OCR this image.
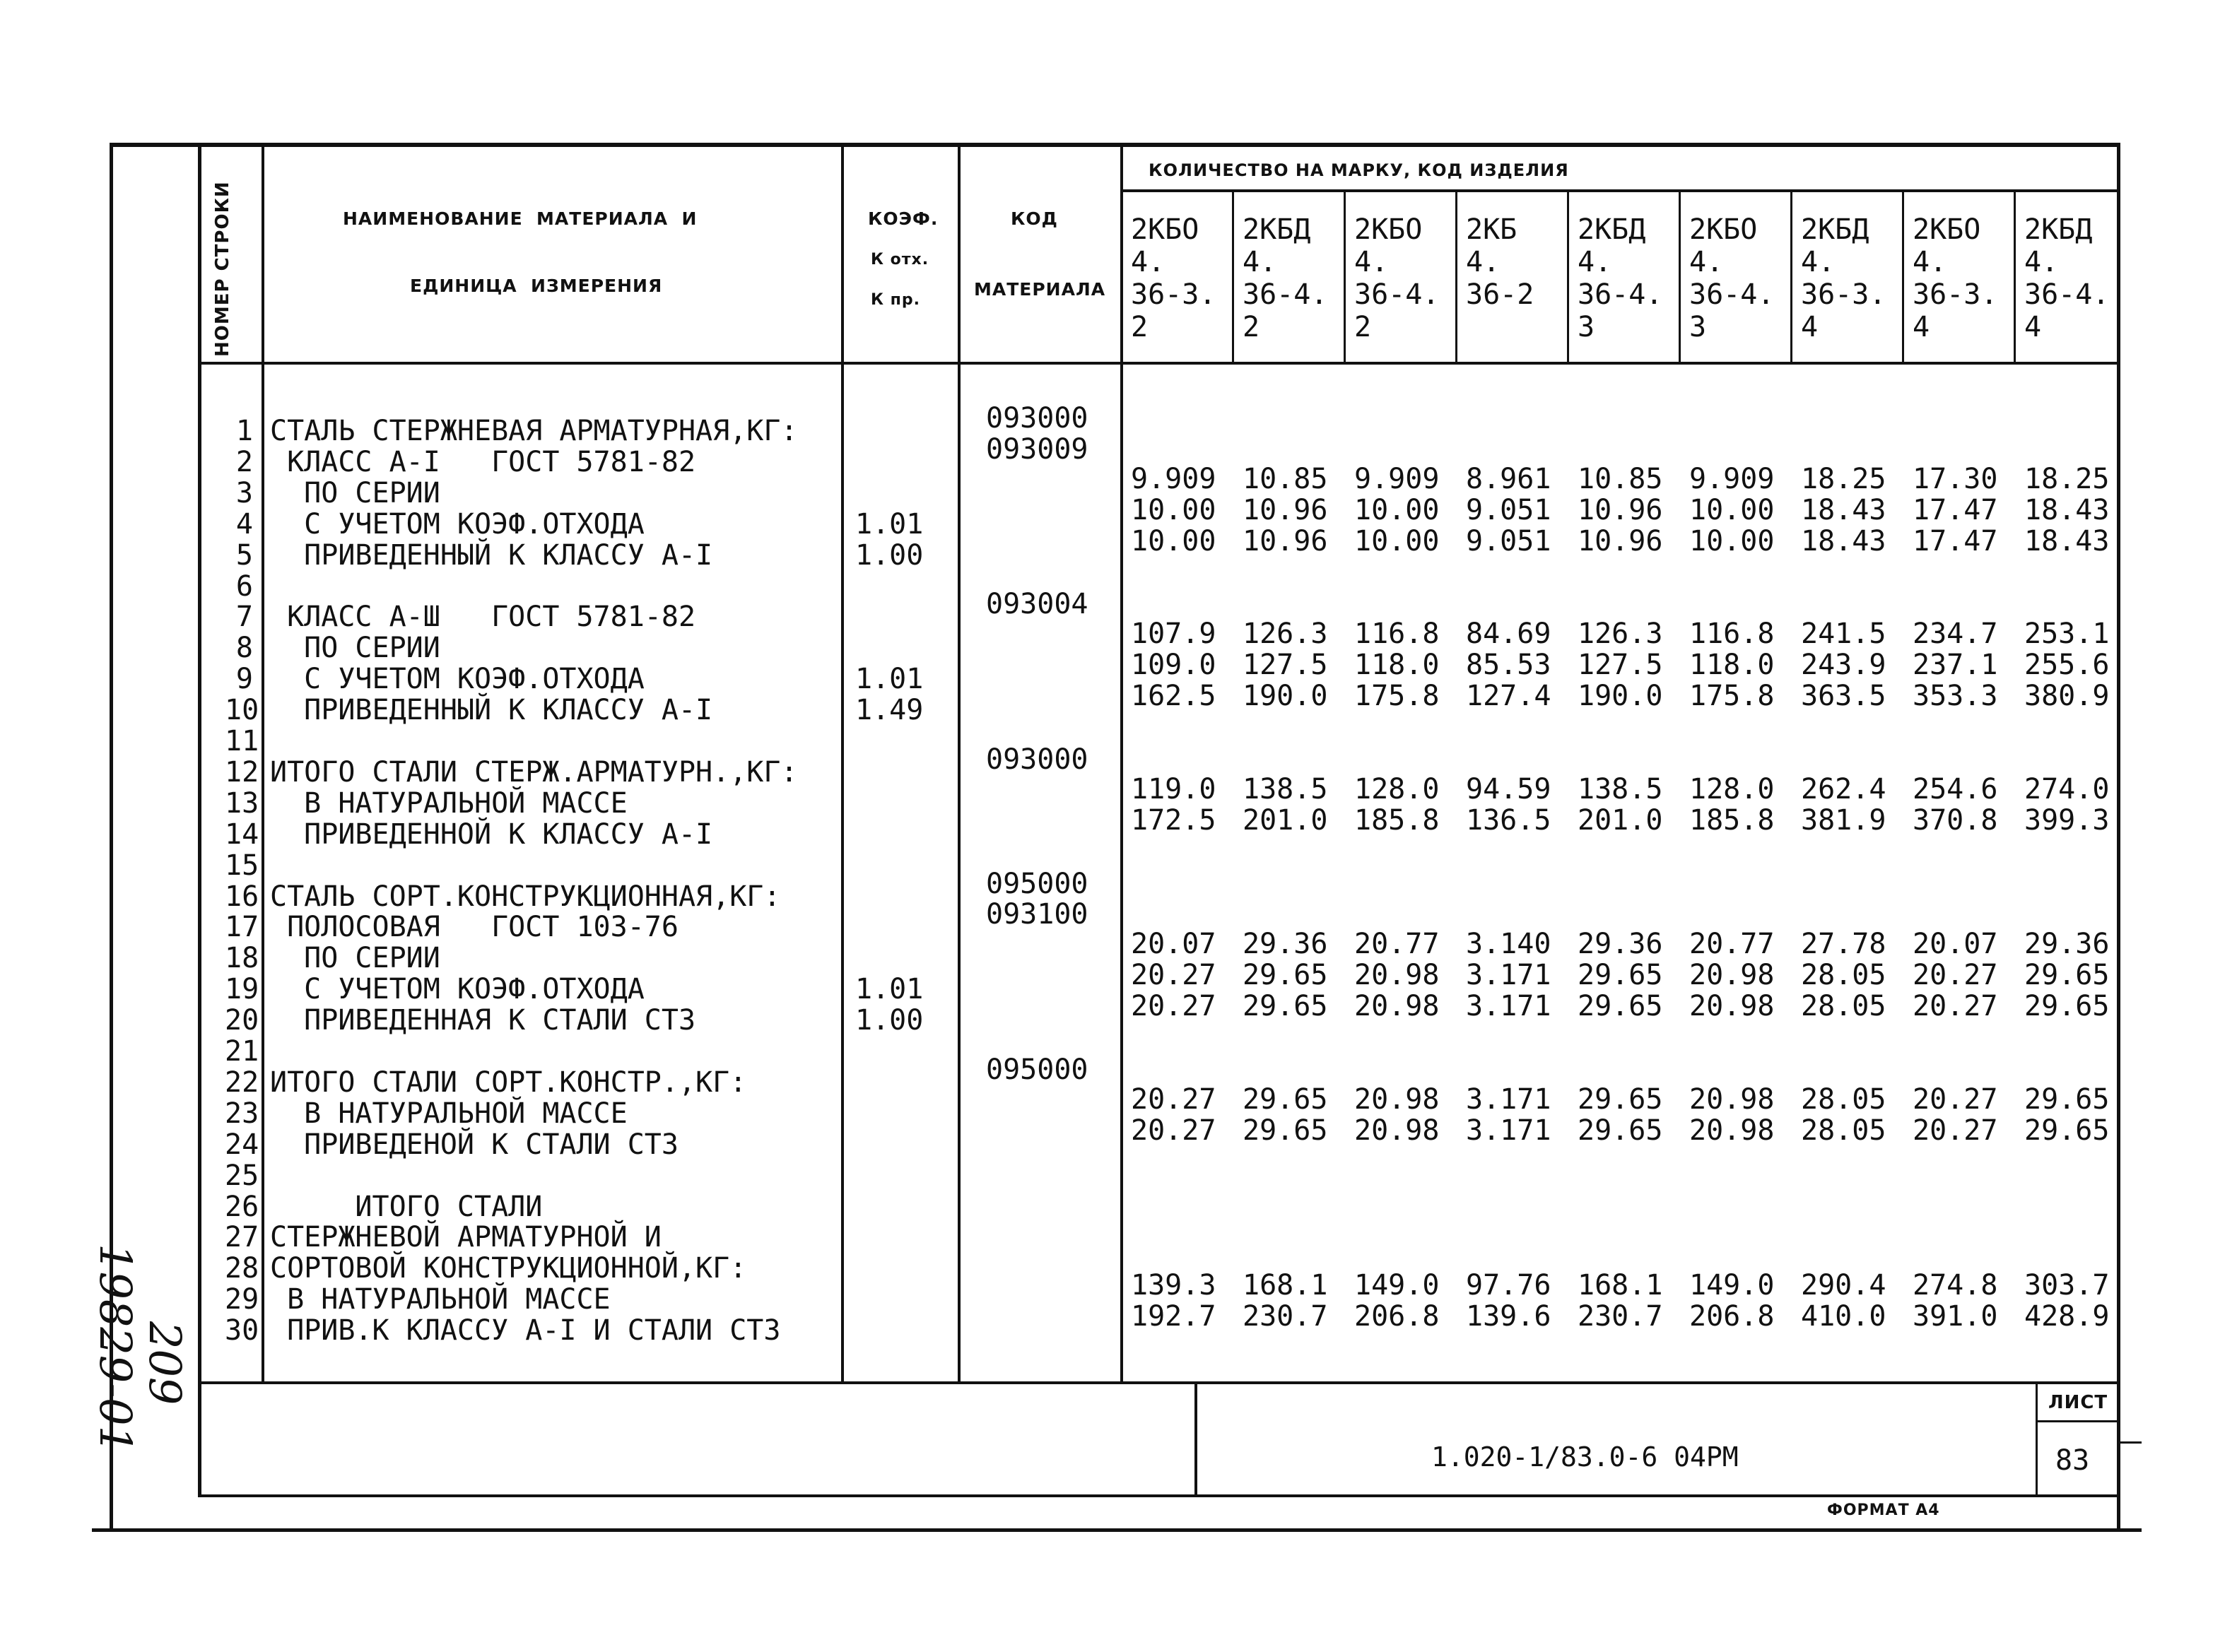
19829-01
209
НОМЕР СТРОКИ	НАИМЕНОВАНИЕ  МАТЕРИАЛА  И
ЕДИНИЦА  ИЗМЕРЕНИЯ
КОЭФ.
К отх.
К пр.
КОД
МАТЕРИАЛА
КОЛИЧЕСТВО НА МАРКУ, КОД ИЗДЕЛИЯ
2КБО
4.
36-3.
2
2КБД
4.
36-4.
2
2КБО
4.
36-4.
2
2КБ
4.
36-2
2КБД
4.
36-4.
3
2КБО
4.
36-4.
3
2КБД
4.
36-3.
4
2КБО
4.
36-3.
4
2КБД
4.
36-4.
4
1 СТАЛЬ СТЕРЖНЕВАЯ АРМАТУРНАЯ,КГ:	093000
2 КЛАСС А-I   ГОСТ 5781-82	093009
3 ПО СЕРИИ	9.909 10.85 9.909 8.961 10.85 9.909 18.25 17.30 18.25
4 С УЧЕТОМ КОЭФ.ОТХОДА	1.01	10.00 10.96 10.00 9.051 10.96 10.00 18.43 17.47 18.43
5 ПРИВЕДЕННЫЙ К КЛАССУ А-I	1.00	10.00 10.96 10.00 9.051 10.96 10.00 18.43 17.47 18.43
6
7 КЛАСС А-Ш   ГОСТ 5781-82	093004
8 ПО СЕРИИ	107.9 126.3 116.8 84.69 126.3 116.8 241.5 234.7 253.1
9 С УЧЕТОМ КОЭФ.ОТХОДА	1.01	109.0 127.5 118.0 85.53 127.5 118.0 243.9 237.1 255.6
10 ПРИВЕДЕННЫЙ К КЛАССУ А-I	1.49	162.5 190.0 175.8 127.4 190.0 175.8 363.5 353.3 380.9
11
12 ИТОГО СТАЛИ СТЕРЖ.АРМАТУРН.,КГ:	093000
13 В НАТУРАЛЬНОЙ МАССЕ	119.0 138.5 128.0 94.59 138.5 128.0 262.4 254.6 274.0
14 ПРИВЕДЕННОЙ К КЛАССУ А-I	172.5 201.0 185.8 136.5 201.0 185.8 381.9 370.8 399.3
15
16 СТАЛЬ СОРТ.КОНСТРУКЦИОННАЯ,КГ:	095000
17 ПОЛОСОВАЯ   ГОСТ 103-76	093100
18 ПО СЕРИИ	20.07 29.36 20.77 3.140 29.36 20.77 27.78 20.07 29.36
19 С УЧЕТОМ КОЭФ.ОТХОДА	1.01	20.27 29.65 20.98 3.171 29.65 20.98 28.05 20.27 29.65
20 ПРИВЕДЕННАЯ К СТАЛИ СТ3	1.00	20.27 29.65 20.98 3.171 29.65 20.98 28.05 20.27 29.65
21
22 ИТОГО СТАЛИ СОРТ.КОНСТР.,КГ:	095000
23 В НАТУРАЛЬНОЙ МАССЕ	20.27 29.65 20.98 3.171 29.65 20.98 28.05 20.27 29.65
24 ПРИВЕДЕНОЙ К СТАЛИ СТ3	20.27 29.65 20.98 3.171 29.65 20.98 28.05 20.27 29.65
25
26 ИТОГО СТАЛИ
27 СТЕРЖНЕВОЙ АРМАТУРНОЙ И
28 СОРТОВОЙ КОНСТРУКЦИОННОЙ,КГ:
29 В НАТУРАЛЬНОЙ МАССЕ	139.3 168.1 149.0 97.76 168.1 149.0 290.4 274.8 303.7
30 ПРИВ.К КЛАССУ А-I И СТАЛИ СТ3	192.7 230.7 206.8 139.6 230.7 206.8 410.0 391.0 428.9
1.020-1/83.0-6 04РМ
ЛИСТ
83
ФОРМАТ А4
